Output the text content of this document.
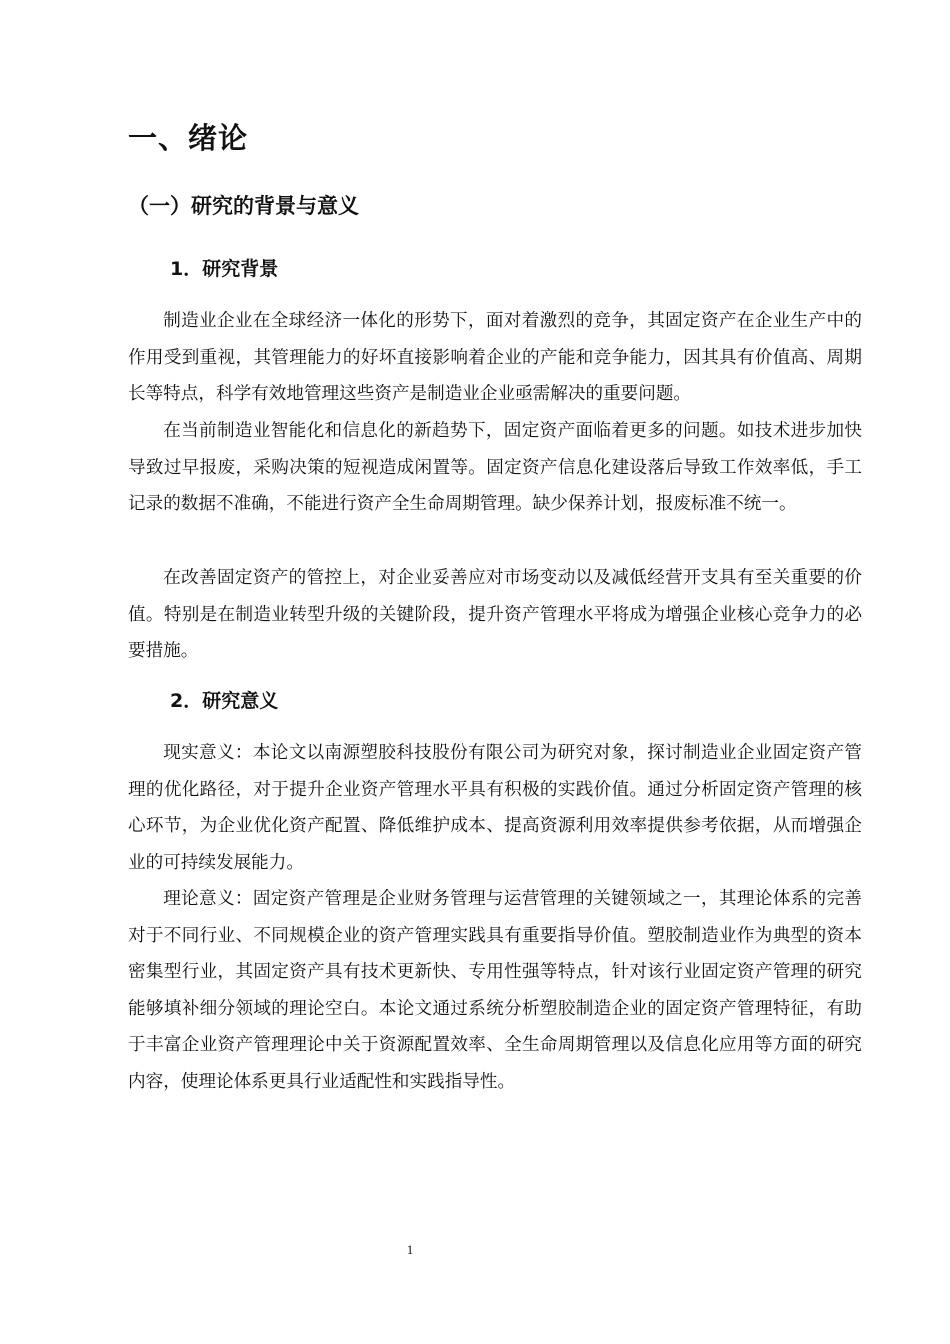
一、绪论
（一）研究的背景与意义
1．研究背景

制造业企业在全球经济一体化的形势下，面对着激烈的竞争，其固定资产在企业生产中的作用受到重视，其管理能力的好坏直接影响着企业的产能和竞争能力，因其具有价值高、周期长等特点，科学有效地管理这些资产是制造业企业亟需解决的重要问题。

在当前制造业智能化和信息化的新趋势下，固定资产面临着更多的问题。如技术进步加快导致过早报废，采购决策的短视造成闲置等。固定资产信息化建设落后导致工作效率低，手工记录的数据不准确，不能进行资产全生命周期管理。缺少保养计划，报废标准不统一。

在改善固定资产的管控上，对企业妥善应对市场变动以及减低经营开支具有至关重要的价值。特别是在制造业转型升级的关键阶段，提升资产管理水平将成为增强企业核心竞争力的必要措施。

2．研究意义

现实意义：本论文以南源塑胶科技股份有限公司为研究对象，探讨制造业企业固定资产管理的优化路径，对于提升企业资产管理水平具有积极的实践价值。通过分析固定资产管理的核心环节，为企业优化资产配置、降低维护成本、提高资源利用效率提供参考依据，从而增强企业的可持续发展能力。

理论意义：固定资产管理是企业财务管理与运营管理的关键领域之一，其理论体系的完善对于不同行业、不同规模企业的资产管理实践具有重要指导价值。塑胶制造业作为典型的资本密集型行业，其固定资产具有技术更新快、专用性强等特点，针对该行业固定资产管理的研究能够填补细分领域的理论空白。本论文通过系统分析塑胶制造企业的固定资产管理特征，有助于丰富企业资产管理理论中关于资源配置效率、全生命周期管理以及信息化应用等方面的研究内容，使理论体系更具行业适配性和实践指导性。

1
